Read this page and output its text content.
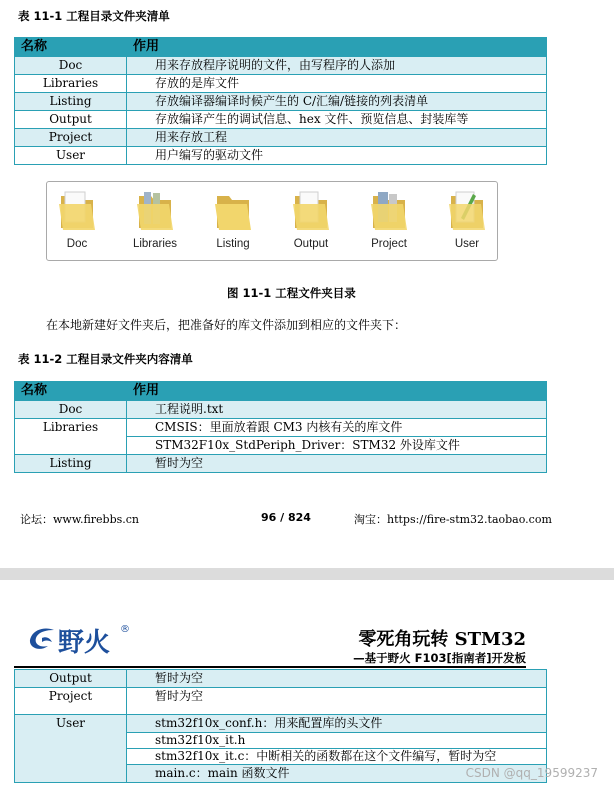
表 11-1 工程目录文件夹清单
名称	作用
Doc	用来存放程序说明的文件，由写程序的人添加
Libraries	存放的是库文件
Listing	存放编译器编译时候产生的 C/汇编/链接的列表清单
Output	存放编译产生的调试信息、hex 文件、预览信息、封装库等
Project	用来存放工程
User	用户编写的驱动文件
Doc	Libraries	Listing	Output	Project	User
图 11-1 工程文件夹目录
在本地新建好文件夹后，把准备好的库文件添加到相应的文件夹下：
表 11-2 工程目录文件夹内容清单
名称	作用
Doc	工程说明.txt
Libraries	CMSIS：里面放着跟 CM3 内核有关的库文件
	STM32F10x_StdPeriph_Driver：STM32 外设库文件
Listing	暂时为空
论坛：www.firebbs.cn	96 / 824	淘宝：https://fire-stm32.taobao.com
野火 ®	零死角玩转 STM32
—基于野火 F103[指南者]开发板
Output	暂时为空
Project	暂时为空
User	stm32f10x_conf.h：用来配置库的头文件
	stm32f10x_it.h
	stm32f10x_it.c：中断相关的函数都在这个文件编写，暂时为空
	main.c：main 函数文件	CSDN @qq_19599237
